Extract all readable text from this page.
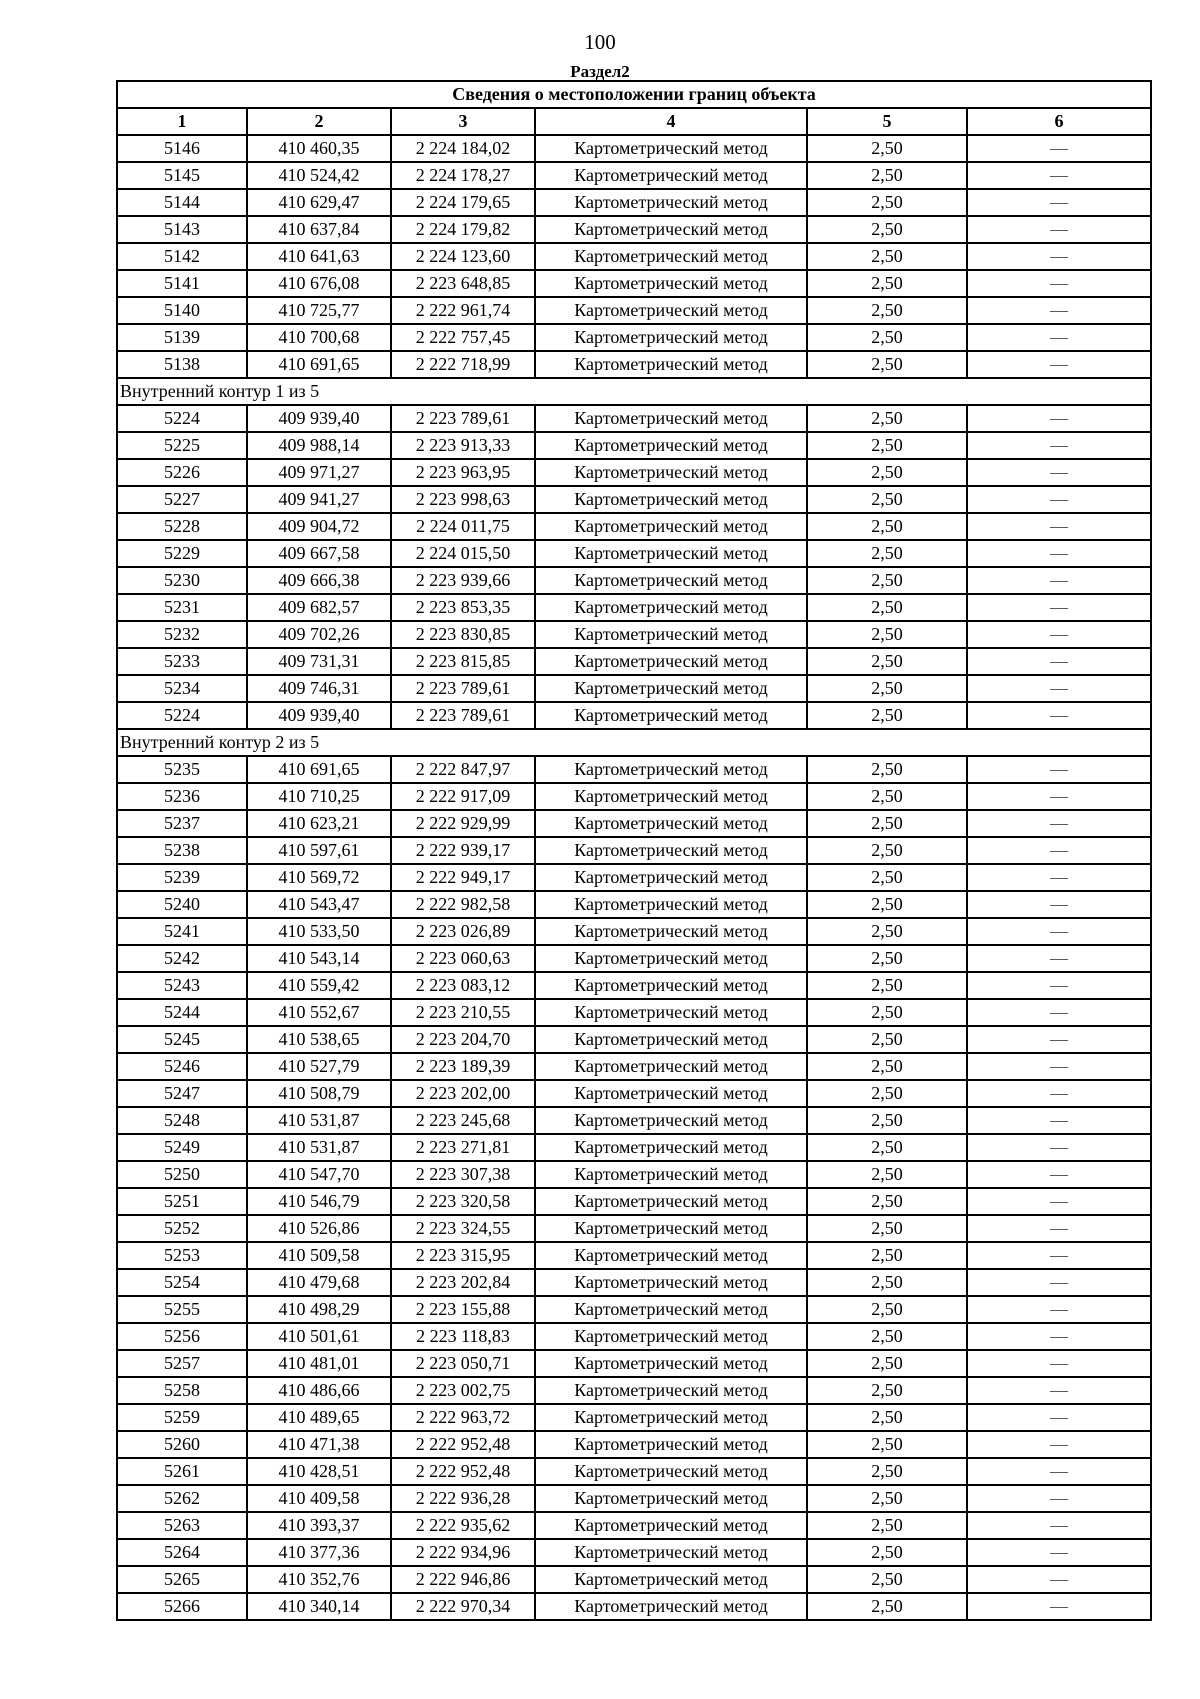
100
Раздел2
Сведения о местоположении границ объекта					
1	2	3	4	5	6
5146	410 460,35	2 224 184,02	Картометрический метод	2,50	—
5145	410 524,42	2 224 178,27	Картометрический метод	2,50	—
5144	410 629,47	2 224 179,65	Картометрический метод	2,50	—
5143	410 637,84	2 224 179,82	Картометрический метод	2,50	—
5142	410 641,63	2 224 123,60	Картометрический метод	2,50	—
5141	410 676,08	2 223 648,85	Картометрический метод	2,50	—
5140	410 725,77	2 222 961,74	Картометрический метод	2,50	—
5139	410 700,68	2 222 757,45	Картометрический метод	2,50	—
5138	410 691,65	2 222 718,99	Картометрический метод	2,50	—
Внутренний контур 1 из 5					
5224	409 939,40	2 223 789,61	Картометрический метод	2,50	—
5225	409 988,14	2 223 913,33	Картометрический метод	2,50	—
5226	409 971,27	2 223 963,95	Картометрический метод	2,50	—
5227	409 941,27	2 223 998,63	Картометрический метод	2,50	—
5228	409 904,72	2 224 011,75	Картометрический метод	2,50	—
5229	409 667,58	2 224 015,50	Картометрический метод	2,50	—
5230	409 666,38	2 223 939,66	Картометрический метод	2,50	—
5231	409 682,57	2 223 853,35	Картометрический метод	2,50	—
5232	409 702,26	2 223 830,85	Картометрический метод	2,50	—
5233	409 731,31	2 223 815,85	Картометрический метод	2,50	—
5234	409 746,31	2 223 789,61	Картометрический метод	2,50	—
5224	409 939,40	2 223 789,61	Картометрический метод	2,50	—
Внутренний контур 2 из 5					
5235	410 691,65	2 222 847,97	Картометрический метод	2,50	—
5236	410 710,25	2 222 917,09	Картометрический метод	2,50	—
5237	410 623,21	2 222 929,99	Картометрический метод	2,50	—
5238	410 597,61	2 222 939,17	Картометрический метод	2,50	—
5239	410 569,72	2 222 949,17	Картометрический метод	2,50	—
5240	410 543,47	2 222 982,58	Картометрический метод	2,50	—
5241	410 533,50	2 223 026,89	Картометрический метод	2,50	—
5242	410 543,14	2 223 060,63	Картометрический метод	2,50	—
5243	410 559,42	2 223 083,12	Картометрический метод	2,50	—
5244	410 552,67	2 223 210,55	Картометрический метод	2,50	—
5245	410 538,65	2 223 204,70	Картометрический метод	2,50	—
5246	410 527,79	2 223 189,39	Картометрический метод	2,50	—
5247	410 508,79	2 223 202,00	Картометрический метод	2,50	—
5248	410 531,87	2 223 245,68	Картометрический метод	2,50	—
5249	410 531,87	2 223 271,81	Картометрический метод	2,50	—
5250	410 547,70	2 223 307,38	Картометрический метод	2,50	—
5251	410 546,79	2 223 320,58	Картометрический метод	2,50	—
5252	410 526,86	2 223 324,55	Картометрический метод	2,50	—
5253	410 509,58	2 223 315,95	Картометрический метод	2,50	—
5254	410 479,68	2 223 202,84	Картометрический метод	2,50	—
5255	410 498,29	2 223 155,88	Картометрический метод	2,50	—
5256	410 501,61	2 223 118,83	Картометрический метод	2,50	—
5257	410 481,01	2 223 050,71	Картометрический метод	2,50	—
5258	410 486,66	2 223 002,75	Картометрический метод	2,50	—
5259	410 489,65	2 222 963,72	Картометрический метод	2,50	—
5260	410 471,38	2 222 952,48	Картометрический метод	2,50	—
5261	410 428,51	2 222 952,48	Картометрический метод	2,50	—
5262	410 409,58	2 222 936,28	Картометрический метод	2,50	—
5263	410 393,37	2 222 935,62	Картометрический метод	2,50	—
5264	410 377,36	2 222 934,96	Картометрический метод	2,50	—
5265	410 352,76	2 222 946,86	Картометрический метод	2,50	—
5266	410 340,14	2 222 970,34	Картометрический метод	2,50	—
